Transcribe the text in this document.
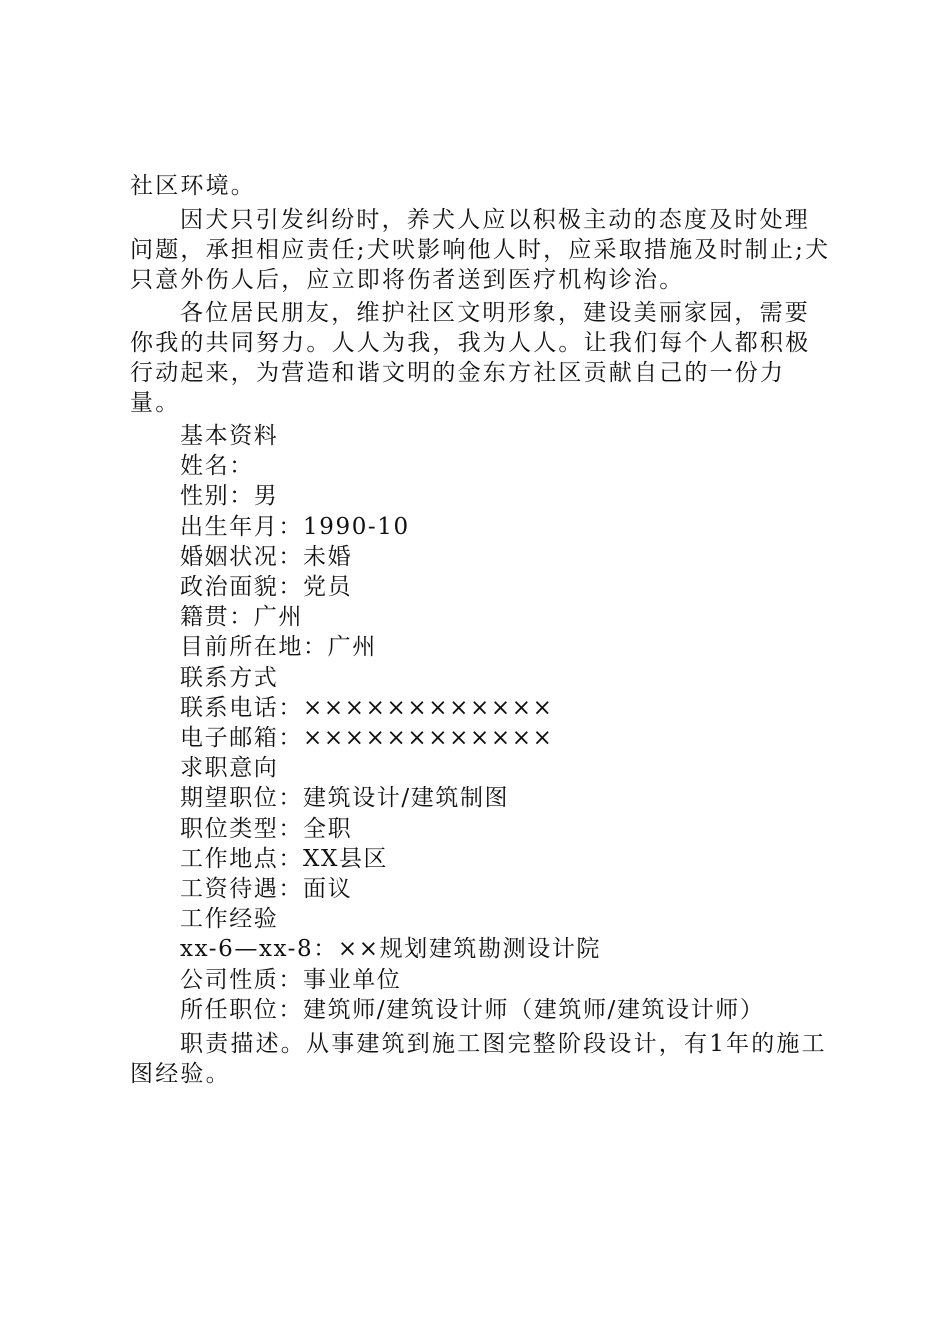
社区环境。

因犬只引发纠纷时，养犬人应以积极主动的态度及时处理问题，承担相应责任;犬吠影响他人时，应采取措施及时制止;犬只意外伤人后，应立即将伤者送到医疗机构诊治。

各位居民朋友，维护社区文明形象，建设美丽家园，需要你我的共同努力。人人为我，我为人人。让我们每个人都积极行动起来，为营造和谐文明的金东方社区贡献自己的一份力量。

基本资料
姓名：
性别：男
出生年月：1990-10
婚姻状况：未婚
政治面貌：党员
籍贯：广州
目前所在地：广州
联系方式
联系电话：××××××××××××
电子邮箱：××××××××××××
求职意向
期望职位：建筑设计/建筑制图
职位类型：全职
工作地点：XX县区
工资待遇：面议
工作经验
xx-6—xx-8：××规划建筑勘测设计院
公司性质：事业单位
所任职位：建筑师/建筑设计师（建筑师/建筑设计师）

职责描述。从事建筑到施工图完整阶段设计，有1年的施工图经验。
